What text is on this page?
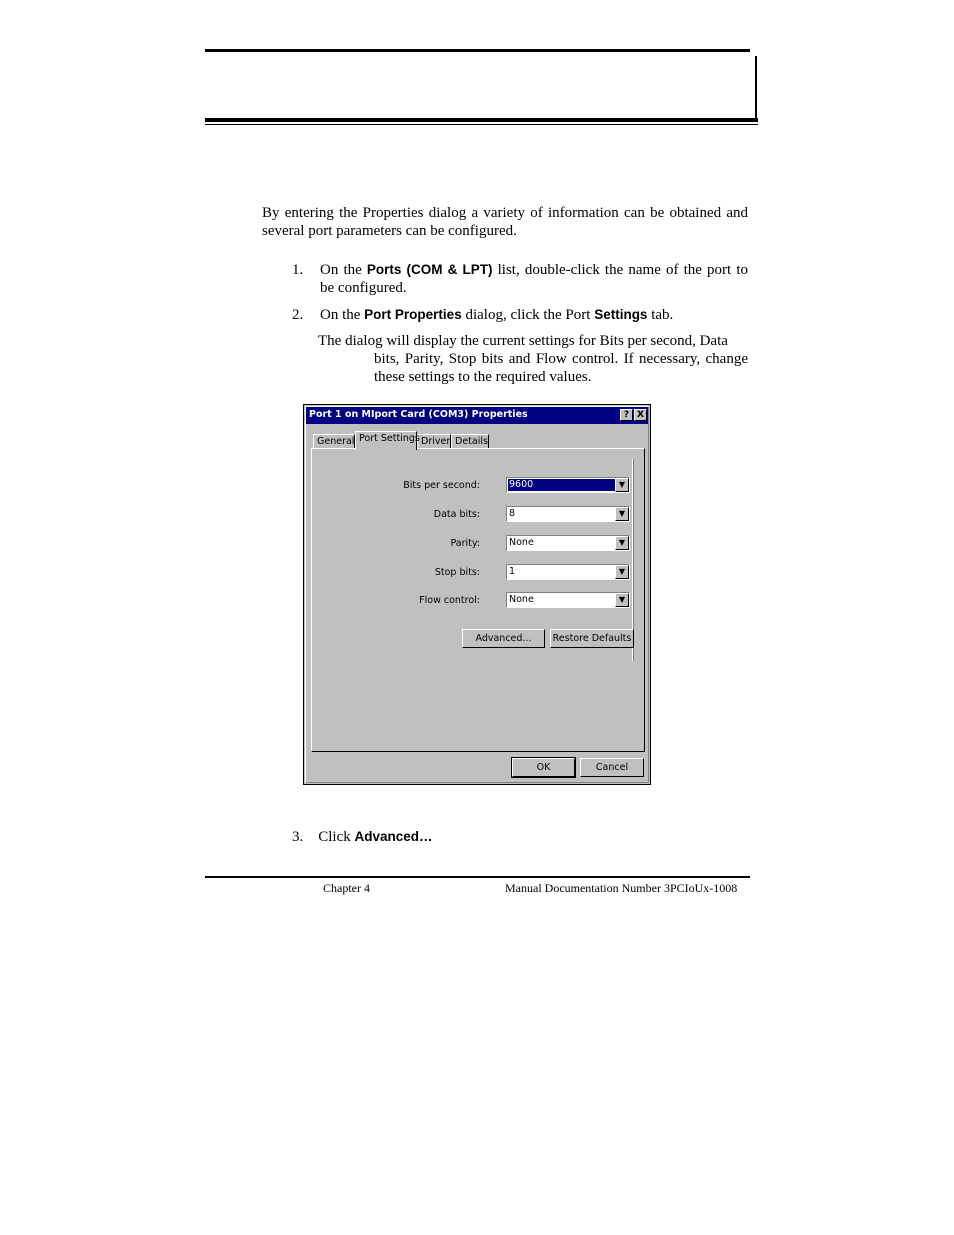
By entering the Properties dialog a variety of information can be obtained and several port parameters can be configured.
1. On the Ports (COM & LPT) list, double-click the name of the port to be configured.
2. On the Port Properties dialog, click the Port Settings tab.
The dialog will display the current settings for Bits per second, Data
bits, Parity, Stop bits and Flow control. If necessary, change these settings to the required values.
Port 1 on MIport Card (COM3) Properties	? X
General Port Settings Driver Details
Bits per second:	9600	▼
Data bits:	8	▼
Parity:	None	▼
Stop bits:	1	▼
Flow control:	None	▼
Advanced...	Restore Defaults
OK	Cancel
3. Click Advanced…
Chapter 4	Manual Documentation Number 3PCIoUx-1008
